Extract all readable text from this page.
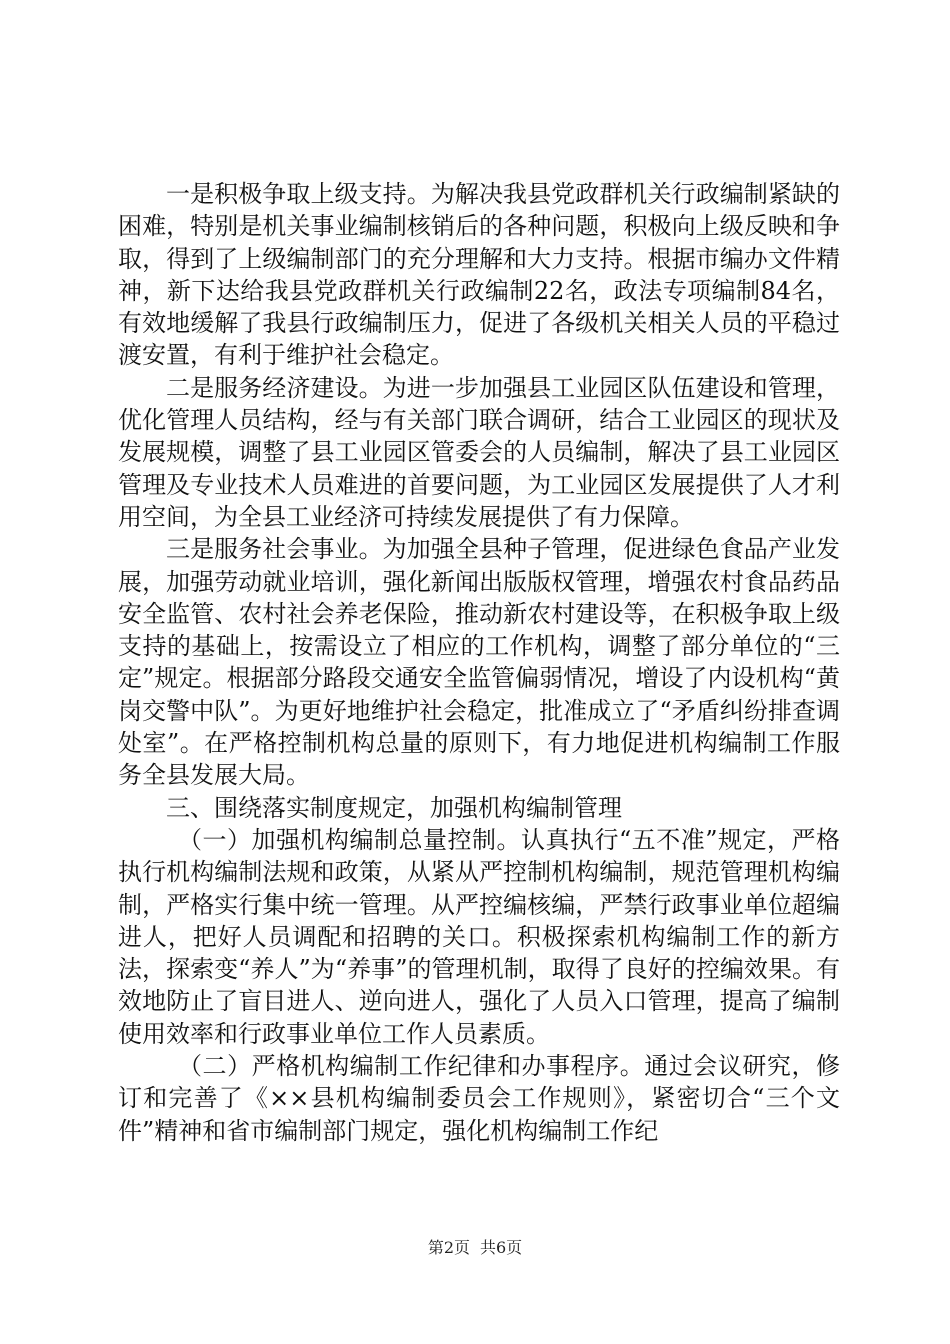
一是积极争取上级支持。为解决我县党政群机关行政编制紧缺的困难，特别是机关事业编制核销后的各种问题，积极向上级反映和争取，得到了上级编制部门的充分理解和大力支持。根据市编办文件精神，新下达给我县党政群机关行政编制22名，政法专项编制84名，有效地缓解了我县行政编制压力，促进了各级机关相关人员的平稳过渡安置，有利于维护社会稳定。

二是服务经济建设。为进一步加强县工业园区队伍建设和管理，优化管理人员结构，经与有关部门联合调研，结合工业园区的现状及发展规模，调整了县工业园区管委会的人员编制，解决了县工业园区管理及专业技术人员难进的首要问题，为工业园区发展提供了人才利用空间，为全县工业经济可持续发展提供了有力保障。

三是服务社会事业。为加强全县种子管理，促进绿色食品产业发展，加强劳动就业培训，强化新闻出版版权管理，增强农村食品药品安全监管、农村社会养老保险，推动新农村建设等，在积极争取上级支持的基础上，按需设立了相应的工作机构，调整了部分单位的“三定”规定。根据部分路段交通安全监管偏弱情况，增设了内设机构“黄岗交警中队”。为更好地维护社会稳定，批准成立了“矛盾纠纷排查调处室”。在严格控制机构总量的原则下，有力地促进机构编制工作服务全县发展大局。

三、围绕落实制度规定，加强机构编制管理

（一）加强机构编制总量控制。认真执行“五不准”规定，严格执行机构编制法规和政策，从紧从严控制机构编制，规范管理机构编制，严格实行集中统一管理。从严控编核编，严禁行政事业单位超编进人，把好人员调配和招聘的关口。积极探索机构编制工作的新方法，探索变“养人”为“养事”的管理机制，取得了良好的控编效果。有效地防止了盲目进人、逆向进人，强化了人员入口管理，提高了编制使用效率和行政事业单位工作人员素质。

（二）严格机构编制工作纪律和办事程序。通过会议研究，修订和完善了《××县机构编制委员会工作规则》，紧密切合“三个文件”精神和省市编制部门规定，强化机构编制工作纪

第2页 共6页
